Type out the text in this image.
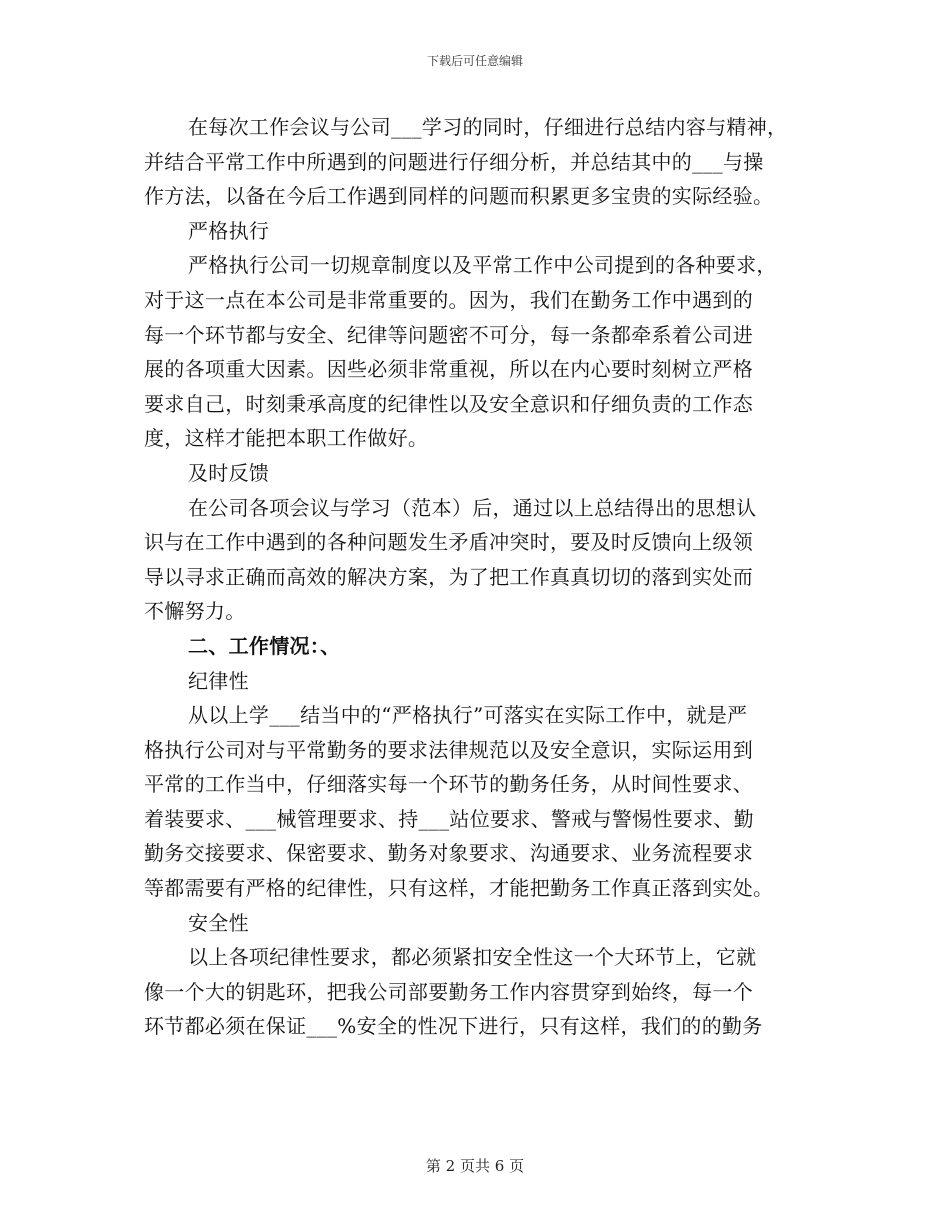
下载后可任意编辑
在每次工作会议与公司___学习的同时，仔细进行总结内容与精神，
并结合平常工作中所遇到的问题进行仔细分析，并总结其中的___与操
作方法，以备在今后工作遇到同样的问题而积累更多宝贵的实际经验。
严格执行
严格执行公司一切规章制度以及平常工作中公司提到的各种要求，
对于这一点在本公司是非常重要的。因为，我们在勤务工作中遇到的
每一个环节都与安全、纪律等问题密不可分，每一条都牵系着公司进
展的各项重大因素。因些必须非常重视，所以在内心要时刻树立严格
要求自己，时刻秉承高度的纪律性以及安全意识和仔细负责的工作态
度，这样才能把本职工作做好。
及时反馈
在公司各项会议与学习（范本）后，通过以上总结得出的思想认
识与在工作中遇到的各种问题发生矛盾冲突时，要及时反馈向上级领
导以寻求正确而高效的解决方案，为了把工作真真切切的落到实处而
不懈努力。
二、工作情况：、
纪律性
从以上学___结当中的“严格执行”可落实在实际工作中，就是严
格执行公司对与平常勤务的要求法律规范以及安全意识，实际运用到
平常的工作当中，仔细落实每一个环节的勤务任务，从时间性要求、
着装要求、___械管理要求、持___站位要求、警戒与警惕性要求、勤
勤务交接要求、保密要求、勤务对象要求、沟通要求、业务流程要求
等都需要有严格的纪律性，只有这样，才能把勤务工作真正落到实处。
安全性
以上各项纪律性要求，都必须紧扣安全性这一个大环节上，它就
像一个大的钥匙环，把我公司部要勤务工作内容贯穿到始终，每一个
环节都必须在保证___%安全的性况下进行，只有这样，我们的的勤务
第 2 页共 6 页
